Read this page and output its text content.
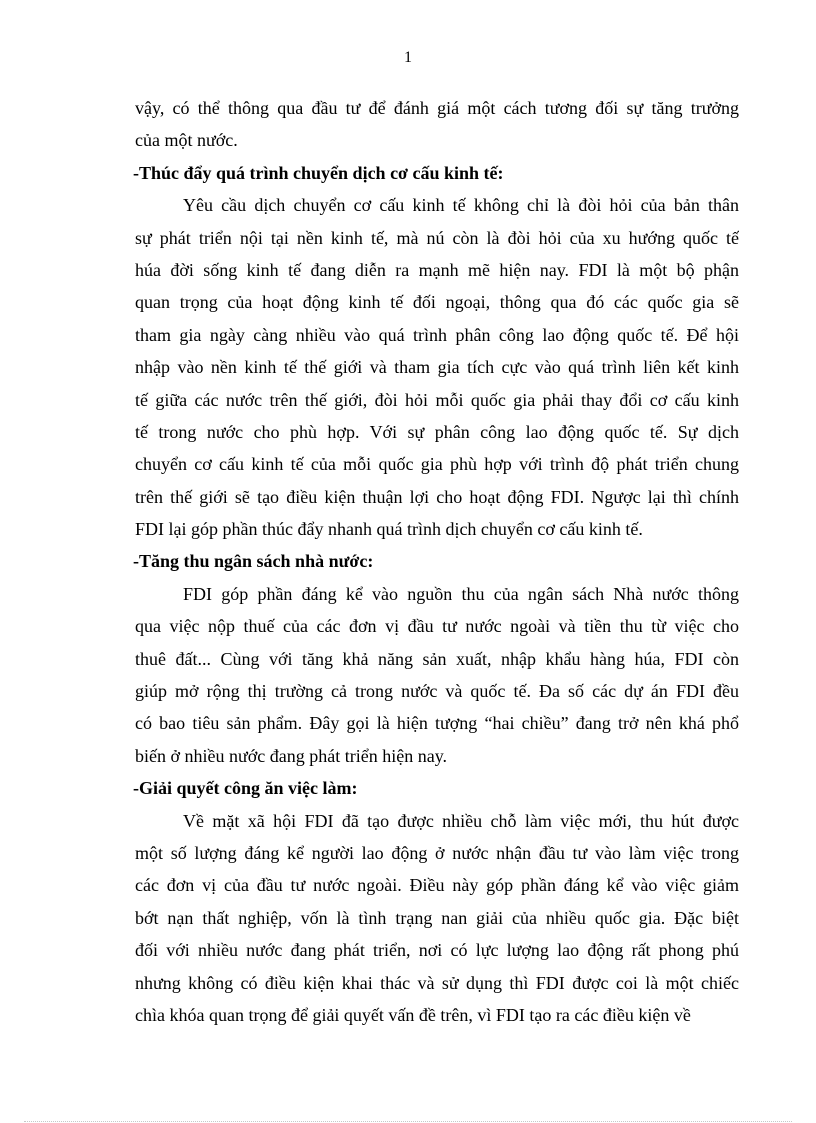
1
vậy, có thể thông qua đầu tư để đánh giá một cách tương đối sự tăng trưởng
của một nước.
-Thúc đẩy quá trình chuyển dịch cơ cấu kinh tế:
Yêu cầu dịch chuyển cơ cấu kinh tế không chỉ là đòi hỏi của bản thân
sự phát triển nội tại nền kinh tế, mà nú còn là đòi hỏi của xu hướng quốc tế
húa đời sống kinh tế đang diễn ra mạnh mẽ hiện nay. FDI là một bộ phận
quan trọng của hoạt động kinh tế đối ngoại, thông qua đó các quốc gia sẽ
tham gia ngày càng nhiều vào quá trình phân công lao động quốc tế. Để hội
nhập vào nền kinh tế thế giới và tham gia tích cực vào quá trình liên kết kinh
tế giữa các nước trên thế giới, đòi hỏi mỗi quốc gia phải thay đổi cơ cấu kinh
tế trong nước cho phù hợp. Với sự phân công lao động quốc tế. Sự dịch
chuyển cơ cấu kinh tế của mỗi quốc gia phù hợp với trình độ phát triển chung
trên thế giới sẽ tạo điều kiện thuận lợi cho hoạt động FDI. Ngược lại thì chính
FDI lại góp phần thúc đẩy nhanh quá trình dịch chuyển cơ cấu kinh tế.
-Tăng thu ngân sách nhà nước:
FDI góp phần đáng kể vào nguồn thu của ngân sách Nhà nước thông
qua việc nộp thuế của các đơn vị đầu tư nước ngoài và tiền thu từ việc cho
thuê đất... Cùng với tăng khả năng sản xuất, nhập khẩu hàng húa, FDI còn
giúp mở rộng thị trường cả trong nước và quốc tế. Đa số các dự án FDI đều
có bao tiêu sản phẩm. Đây gọi là hiện tượng “hai chiều” đang trở nên khá phổ
biến ở nhiều nước đang phát triển hiện nay.
-Giải quyết công ăn việc làm:
Về mặt xã hội FDI đã tạo được nhiều chỗ làm việc mới, thu hút được
một số lượng đáng kể người lao động ở nước nhận đầu tư vào làm việc trong
các đơn vị của đầu tư nước ngoài. Điều này góp phần đáng kể vào việc giảm
bớt nạn thất nghiệp, vốn là tình trạng nan giải của nhiều quốc gia. Đặc biệt
đối với nhiều nước đang phát triển, nơi có lực lượng lao động rất phong phú
nhưng không có điều kiện khai thác và sử dụng thì FDI được coi là một chiếc
chìa khóa quan trọng để giải quyết vấn đề trên, vì FDI tạo ra các điều kiện về
